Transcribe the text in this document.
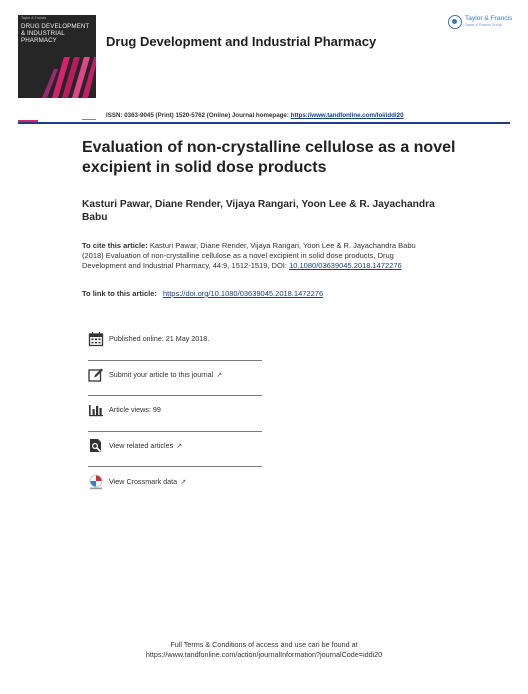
Taylor & Francis
DRUG DEVELOPMENT & INDUSTRIAL PHARMACY	Drug Development and Industrial Pharmacy
Taylor & Francis
Taylor & Francis Group
ISSN: 0363-9045 (Print) 1520-5762 (Online) Journal homepage: https://www.tandfonline.com/loi/iddi20
Evaluation of non-crystalline cellulose as a novel excipient in solid dose products
Kasturi Pawar, Diane Render, Vijaya Rangari, Yoon Lee & R. Jayachandra Babu
To cite this article: Kasturi Pawar, Diane Render, Vijaya Rangari, Yoon Lee & R. Jayachandra Babu (2018) Evaluation of non-crystalline cellulose as a novel excipient in solid dose products, Drug Development and Industrial Pharmacy, 44:9, 1512-1519, DOI: 10.1080/03639045.2018.1472276
To link to this article: https://doi.org/10.1080/03639045.2018.1472276
Published online: 21 May 2018.
Submit your article to this journal ↗
Article views: 99
View related articles ↗
View Crossmark data ↗
Full Terms & Conditions of access and use can be found at
https://www.tandfonline.com/action/journalInformation?journalCode=iddi20
